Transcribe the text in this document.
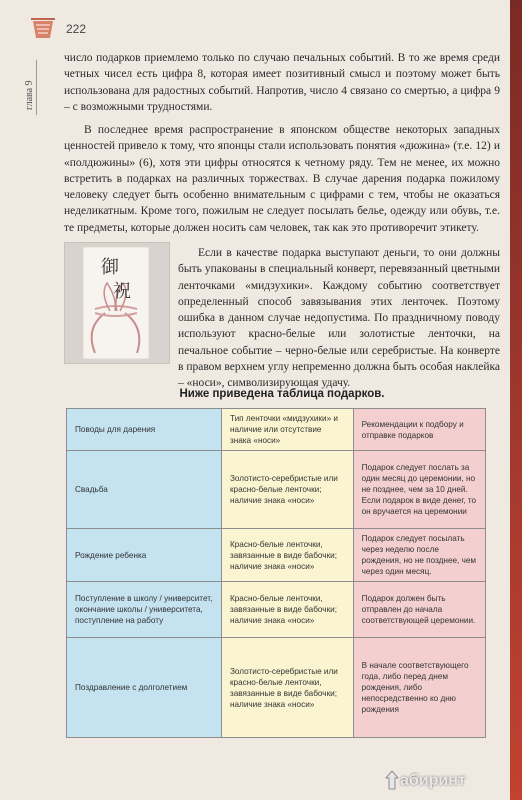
222
глава 9
число подарков приемлемо только по случаю печальных событий. В то же время среди четных чисел есть цифра 8, которая имеет позитивный смысл и поэтому может быть использована для радостных событий. Напротив, число 4 связано со смертью, а цифра 9 – с возможными трудностями.
В последнее время распространение в японском обществе некоторых западных ценностей привело к тому, что японцы стали использовать понятия «дюжина» (т.е. 12) и «полдюжины» (6), хотя эти цифры относятся к четному ряду. Тем не менее, их можно встретить в подарках на различных торжествах. В случае дарения подарка пожилому человеку следует быть особенно внимательным с цифрами с тем, чтобы не оказаться неделикатным. Кроме того, пожилым не следует посылать белье, одежду или обувь, т.е. те предметы, которые должен носить сам человек, так как это противоречит этикету.
御
祝
Если в качестве подарка выступают деньги, то они должны быть упакованы в специальный конверт, перевязанный цветными ленточками «мидзухики». Каждому событию соответствует определенный способ завязывания этих ленточек. Поэтому ошибка в данном случае недопустима. По праздничному поводу используют красно-белые или золотистые ленточки, на печальное событие – черно-белые или серебристые. На конверте в правом верхнем углу непременно должна быть особая наклейка – «носи», символизирующая удачу.
Ниже приведена таблица подарков.
Поводы для дарения	Тип ленточки «мидзухики» и наличие или отсутствие знака «носи»	Рекомендации к подбору и отправке подарков
Свадьба	Золотисто-серебристые или красно-белые ленточки; наличие знака «носи»	Подарок следует послать за один месяц до церемонии, но не позднее, чем за 10 дней. Если подарок в виде денег, то он вручается на церемонии
Рождение ребенка	Красно-белые ленточки, завязанные в виде бабочки; наличие знака «носи»	Подарок следует посылать через неделю после рождения, но не позднее, чем через один месяц.
Поступление в школу / университет, окончание школы / университета, поступление на работу	Красно-белые ленточки, завязанные в виде бабочки; наличие знака «носи»	Подарок должен быть отправлен до начала соответствующей церемонии.
Поздравление с долголетием	Золотисто-серебристые или красно-белые ленточки, завязанные в виде бабочки; наличие знака «носи»	В начале соответствующего года, либо перед днем рождения, либо непосредственно ко дню рождения
абиринт
